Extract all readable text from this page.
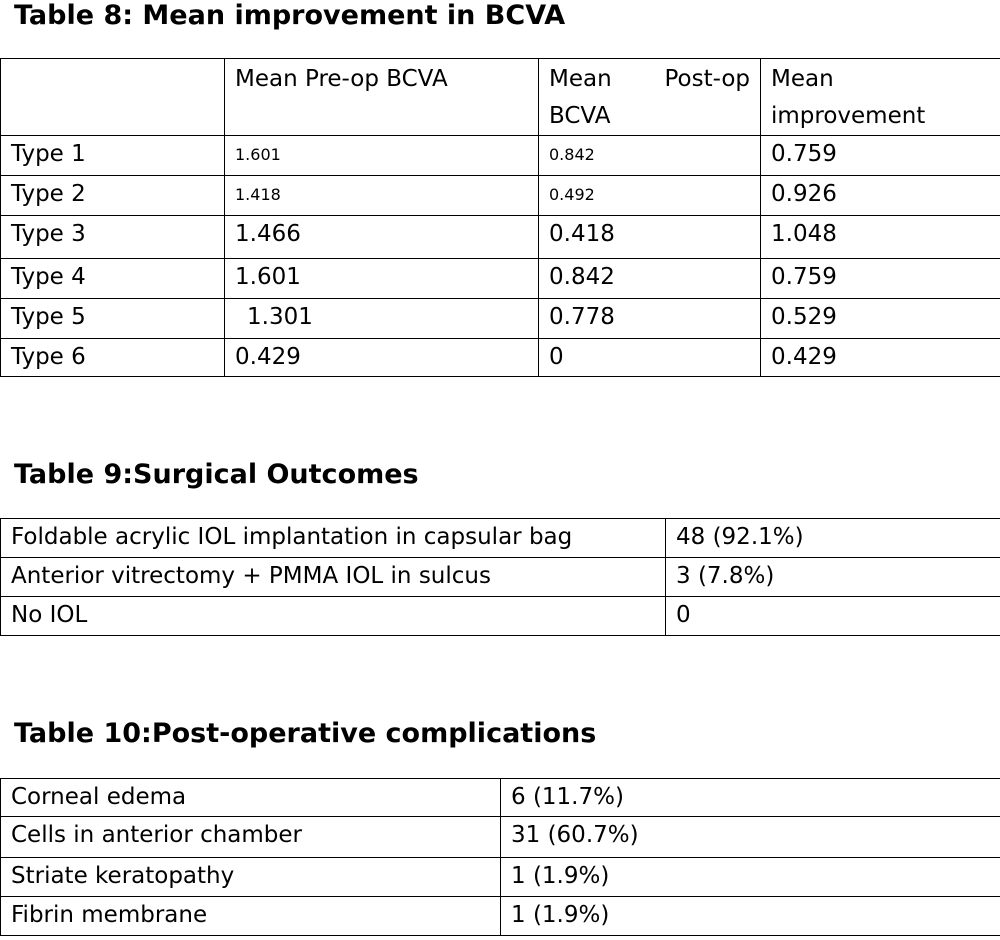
Table 8: Mean improvement in BCVA
	Mean Pre-op BCVA	Mean Post-op BCVA	Mean improvement
Type 1	1.601	0.842	0.759
Type 2	1.418	0.492	0.926
Type 3	1.466	0.418	1.048
Type 4	1.601	0.842	0.759
Type 5	1.301	0.778	0.529
Type 6	0.429	0	0.429
Table 9:Surgical Outcomes
Foldable acrylic IOL implantation in capsular bag	48 (92.1%)
Anterior vitrectomy + PMMA IOL in sulcus	3 (7.8%)
No IOL	0
Table 10:Post-operative complications
Corneal edema	6 (11.7%)
Cells in anterior chamber	31 (60.7%)
Striate keratopathy	1 (1.9%)
Fibrin membrane	1 (1.9%)
